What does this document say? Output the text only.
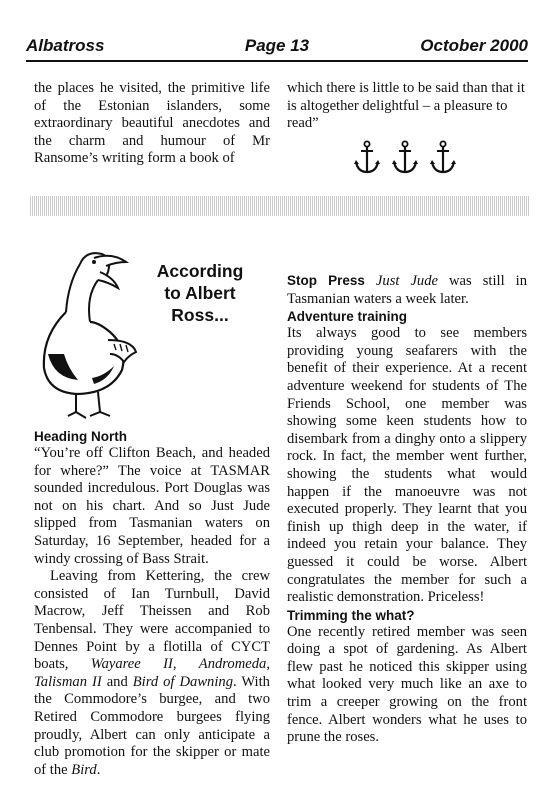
Albatross	Page 13	October 2000

the places he visited, the primitive life of the Estonian islanders, some extraordinary beautiful anecdotes and the charm and humour of Mr Ransome’s writing form a book of

which there is little to be said than that it is altogether delightful – a pleasure to read”

According
to Albert
Ross...

Heading North

“You’re off Clifton Beach, and headed for where?” The voice at TASMAR sounded incredulous. Port Douglas was not on his chart. And so Just Jude slipped from Tasmanian waters on Saturday, 16 September, headed for a windy crossing of Bass Strait.

Leaving from Kettering, the crew consisted of Ian Turnbull, David Macrow, Jeff Theissen and Rob Tenbensal. They were accompanied to Dennes Point by a flotilla of CYCT boats, Wayaree II, Andromeda, Talisman II and Bird of Dawning. With the Commodore’s burgee, and two Retired Commodore burgees flying proudly, Albert can only anticipate a club promotion for the skipper or mate of the Bird.

Stop Press Just Jude was still in Tasmanian waters a week later.

Adventure training

Its always good to see members providing young seafarers with the benefit of their experience. At a recent adventure weekend for students of The Friends School, one member was showing some keen students how to disembark from a dinghy onto a slippery rock. In fact, the member went further, showing the students what would happen if the manoeuvre was not executed properly. They learnt that you finish up thigh deep in the water, if indeed you retain your balance. They guessed it could be worse. Albert congratulates the member for such a realistic demonstration. Priceless!

Trimming the what?

One recently retired member was seen doing a spot of gardening. As Albert flew past he noticed this skipper using what looked very much like an axe to trim a creeper growing on the front fence. Albert wonders what he uses to prune the roses.
